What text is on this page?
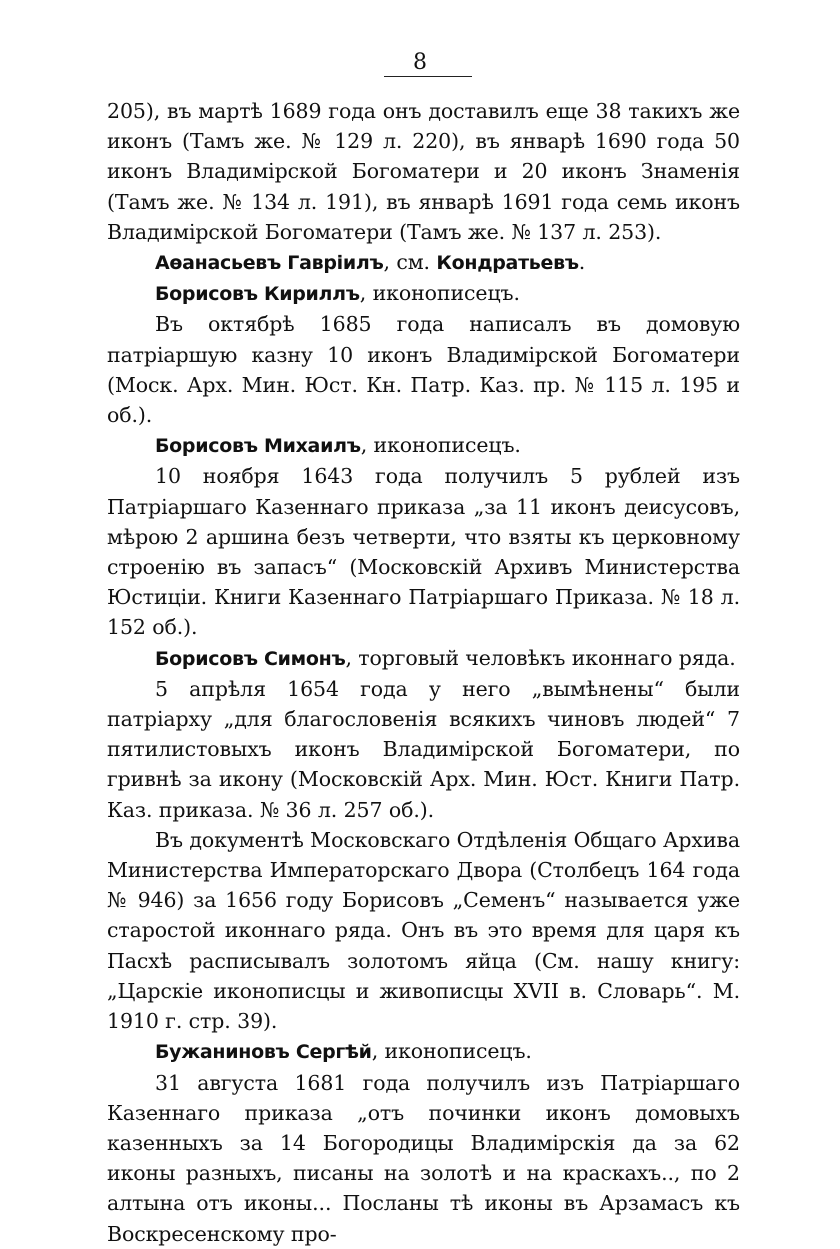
8

205), въ мартѣ 1689 года онъ доставилъ еще 38 такихъ же иконъ (Тамъ же. № 129 л. 220), въ январѣ 1690 года 50 иконъ Владимірской Богоматери и 20 иконъ Знаменія (Тамъ же. № 134 л. 191), въ январѣ 1691 года семь иконъ Владимірской Богоматери (Тамъ же. № 137 л. 253).

Аѳанасьевъ Гавріилъ, см. Кондратьевъ.

Борисовъ Кириллъ, иконописецъ.

Въ октябрѣ 1685 года написалъ въ домовую патріаршую казну 10 иконъ Владимірской Богоматери (Моск. Арх. Мин. Юст. Кн. Патр. Каз. пр. № 115 л. 195 и об.).

Борисовъ Михаилъ, иконописецъ.

10 ноября 1643 года получилъ 5 рублей изъ Патріаршаго Казеннаго приказа „за 11 иконъ деисусовъ, мѣрою 2 аршина безъ четверти, что взяты къ церковному строенію въ запасъ“ (Московскій Архивъ Министерства Юстиціи. Книги Казеннаго Патріаршаго Приказа. № 18 л. 152 об.).

Борисовъ Симонъ, торговый человѣкъ иконнаго ряда.

5 апрѣля 1654 года у него „вымѣнены“ были патріарху „для благословенія всякихъ чиновъ людей“ 7 пятилистовыхъ иконъ Владимірской Богоматери, по гривнѣ за икону (Московскій Арх. Мин. Юст. Книги Патр. Каз. приказа. № 36 л. 257 об.).

Въ документѣ Московскаго Отдѣленія Общаго Архива Министерства Императорскаго Двора (Столбецъ 164 года № 946) за 1656 году Борисовъ „Семенъ“ называется уже старостой иконнаго ряда. Онъ въ это время для царя къ Пасхѣ расписывалъ золотомъ яйца (См. нашу книгу: „Царскіе иконописцы и живописцы XVII в. Словарь“. М. 1910 г. стр. 39).

Бужаниновъ Сергѣй, иконописецъ.

31 августа 1681 года получилъ изъ Патріаршаго Казеннаго приказа „отъ починки иконъ домовыхъ казенныхъ за 14 Богородицы Владимірскія да за 62 иконы разныхъ, писаны на золотѣ и на краскахъ.., по 2 алтына отъ иконы... Посланы тѣ иконы въ Арзамасъ къ Воскресенскому про-
